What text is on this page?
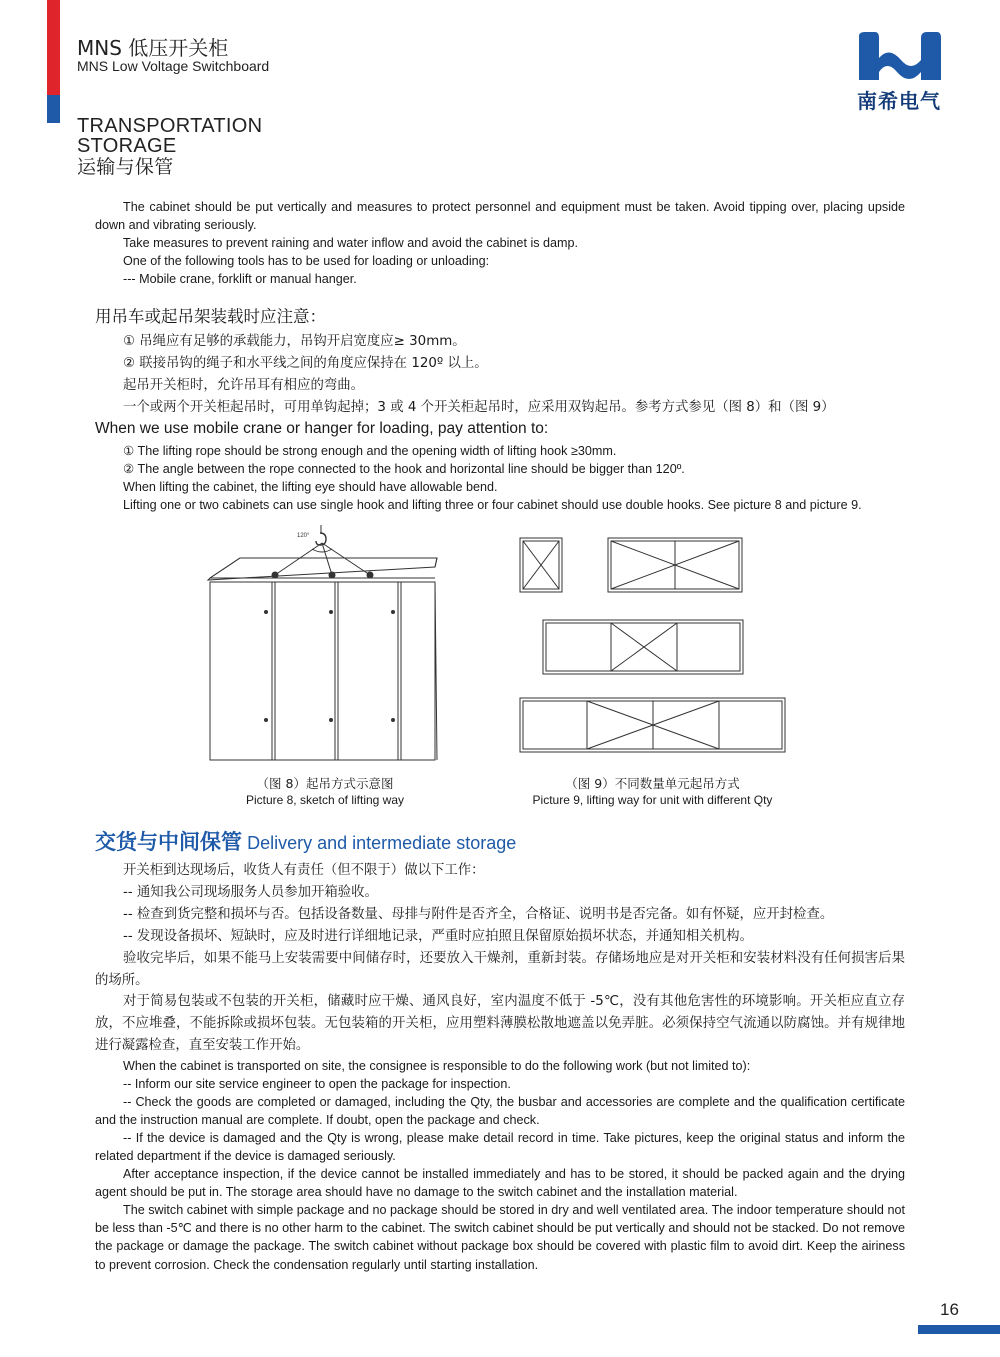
MNS 低压开关柜
MNS Low Voltage Switchboard
南希电气
TRANSPORTATION
STORAGE
运输与保管
The cabinet should be put vertically and measures to protect personnel and equipment must be taken. Avoid tipping over, placing upside down and vibrating seriously.
Take measures to prevent raining and water inflow and avoid the cabinet is damp.
One of the following tools has to be used for loading or unloading:
--- Mobile crane, forklift or manual hanger.
用吊车或起吊架装载时应注意：
① 吊绳应有足够的承载能力，吊钩开启宽度应≥ 30mm。
② 联接吊钩的绳子和水平线之间的角度应保持在 120º 以上。
起吊开关柜时，允许吊耳有相应的弯曲。
一个或两个开关柜起吊时，可用单钩起掉；3 或 4 个开关柜起吊时，应采用双钩起吊。参考方式参见（图 8）和（图 9）
When we use mobile crane or hanger for loading, pay attention to:
① The lifting rope should be strong enough and the opening width of lifting hook ≥30mm.
② The angle between the rope connected to the hook and horizontal line should be bigger than 120º.
When lifting the cabinet, the lifting eye should have allowable bend.
Lifting one or two cabinets can use single hook and lifting three or four cabinet should use double hooks. See picture 8 and picture 9.
120°
（图 8）起吊方式示意图
Picture 8, sketch of lifting way
（图 9）不同数量单元起吊方式
Picture 9, lifting way for unit with different Qty
交货与中间保管 Delivery and intermediate storage
开关柜到达现场后，收货人有责任（但不限于）做以下工作：
-- 通知我公司现场服务人员参加开箱验收。
-- 检查到货完整和损坏与否。包括设备数量、母排与附件是否齐全，合格证、说明书是否完备。如有怀疑，应开封检查。
-- 发现设备损坏、短缺时，应及时进行详细地记录，严重时应拍照且保留原始损坏状态，并通知相关机构。
验收完毕后，如果不能马上安装需要中间储存时，还要放入干燥剂，重新封装。存储场地应是对开关柜和安装材料没有任何损害后果的场所。
对于简易包装或不包装的开关柜，储藏时应干燥、通风良好，室内温度不低于 -5℃，没有其他危害性的环境影响。开关柜应直立存放，不应堆叠，不能拆除或损坏包装。无包装箱的开关柜，应用塑料薄膜松散地遮盖以免弄脏。必须保持空气流通以防腐蚀。并有规律地进行凝露检查，直至安装工作开始。
When the cabinet is transported on site, the consignee is responsible to do the following work (but not limited to):
-- Inform our site service engineer to open the package for inspection.
-- Check the goods are completed or damaged, including the Qty, the busbar and accessories are complete and the qualification certificate and the instruction manual are complete. If doubt, open the package and check.
-- If the device is damaged and the Qty is wrong, please make detail record in time. Take pictures, keep the original status and inform the related department if the device is damaged seriously.
After acceptance inspection, if the device cannot be installed immediately and has to be stored, it should be packed again and the drying agent should be put in. The storage area should have no damage to the switch cabinet and the installation material.
The switch cabinet with simple package and no package should be stored in dry and well ventilated area. The indoor temperature should not be less than -5℃ and there is no other harm to the cabinet. The switch cabinet should be put vertically and should not be stacked. Do not remove the package or damage the package. The switch cabinet without package box should be covered with plastic film to avoid dirt. Keep the airiness to prevent corrosion. Check the condensation regularly until starting installation.
16
